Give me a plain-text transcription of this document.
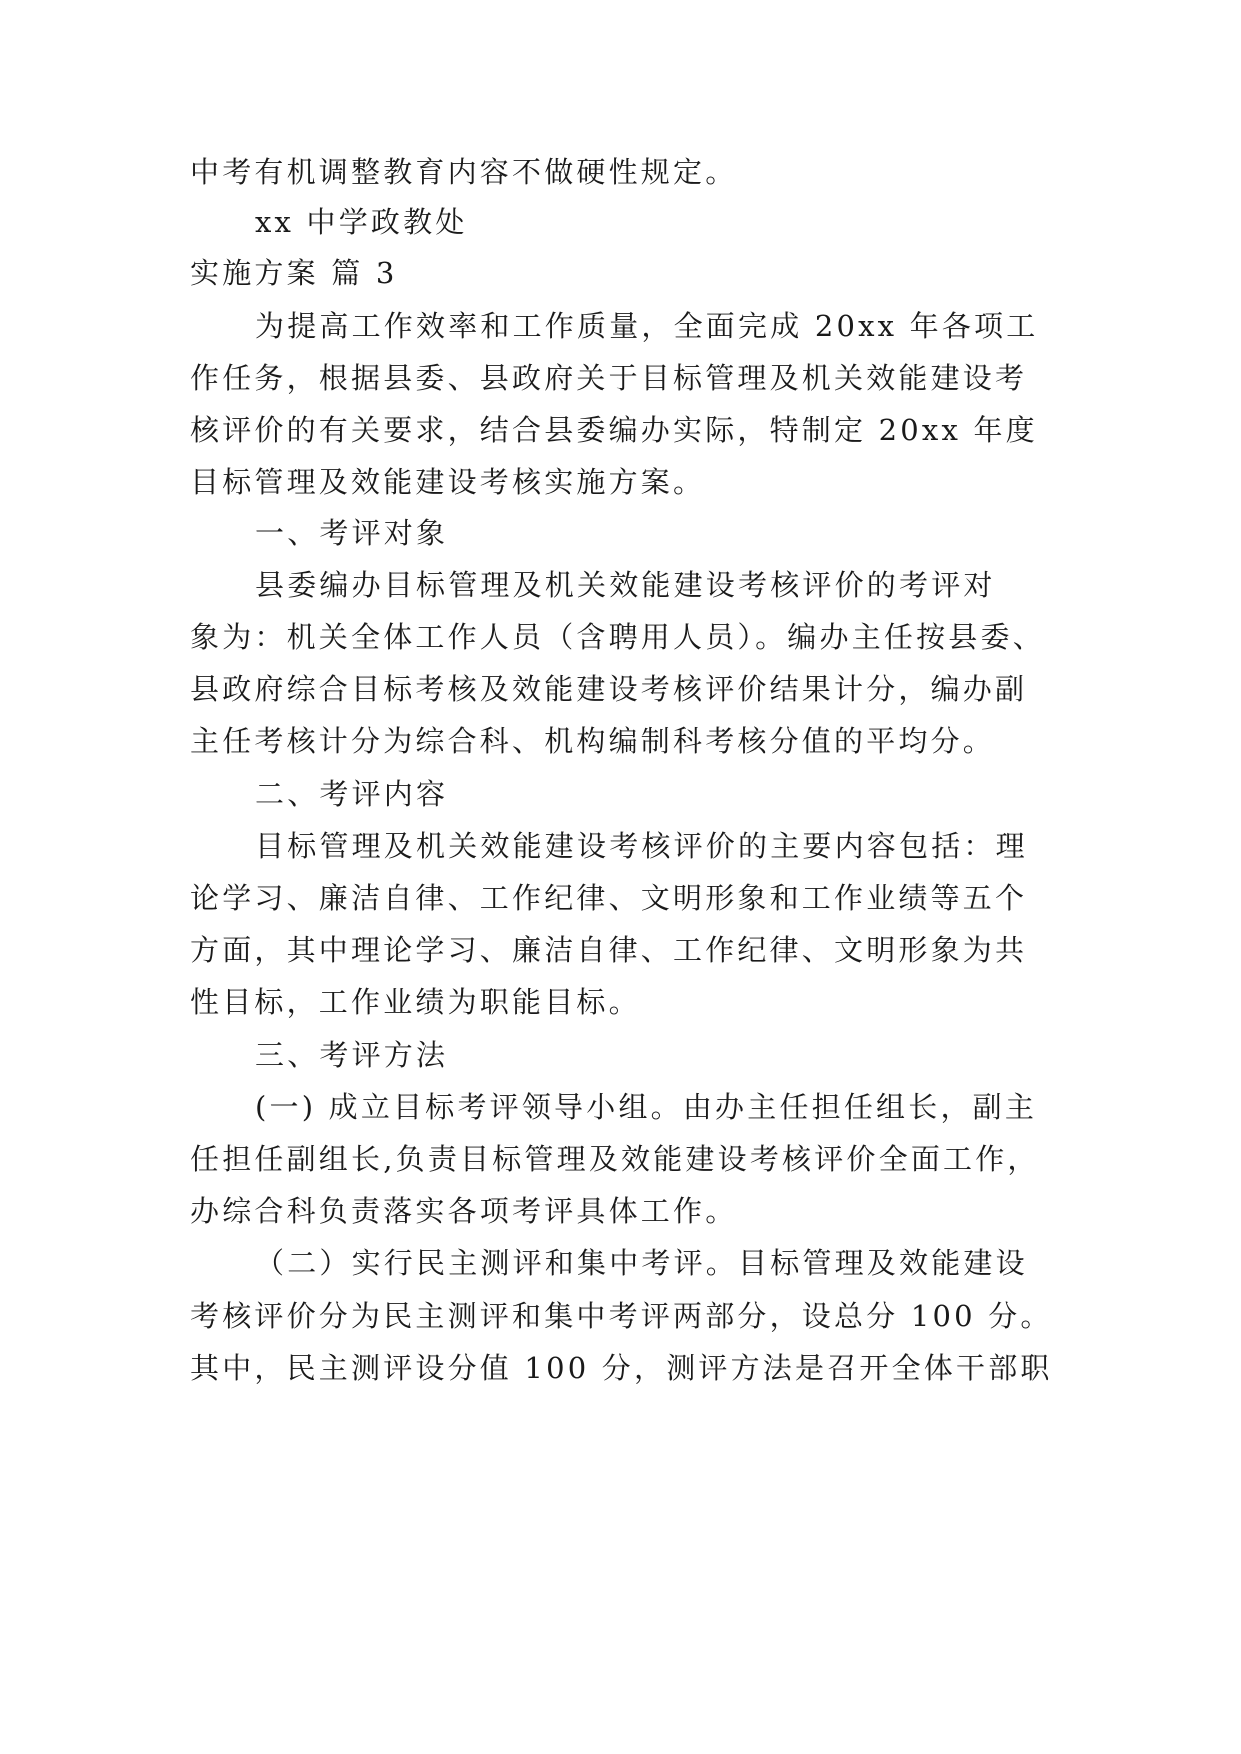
中考有机调整教育内容不做硬性规定。
xx 中学政教处
实施方案 篇 3
为提高工作效率和工作质量，全面完成 20xx 年各项工
作任务，根据县委、县政府关于目标管理及机关效能建设考
核评价的有关要求，结合县委编办实际，特制定 20xx 年度
目标管理及效能建设考核实施方案。
一、考评对象
县委编办目标管理及机关效能建设考核评价的考评对
象为：机关全体工作人员（含聘用人员）。编办主任按县委、
县政府综合目标考核及效能建设考核评价结果计分，编办副
主任考核计分为综合科、机构编制科考核分值的平均分。
二、考评内容
目标管理及机关效能建设考核评价的主要内容包括：理
论学习、廉洁自律、工作纪律、文明形象和工作业绩等五个
方面，其中理论学习、廉洁自律、工作纪律、文明形象为共
性目标，工作业绩为职能目标。
三、考评方法
(一) 成立目标考评领导小组。由办主任担任组长，副主
任担任副组长,负责目标管理及效能建设考核评价全面工作，
办综合科负责落实各项考评具体工作。
（二）实行民主测评和集中考评。目标管理及效能建设
考核评价分为民主测评和集中考评两部分，设总分 100 分。
其中，民主测评设分值 100 分，测评方法是召开全体干部职
